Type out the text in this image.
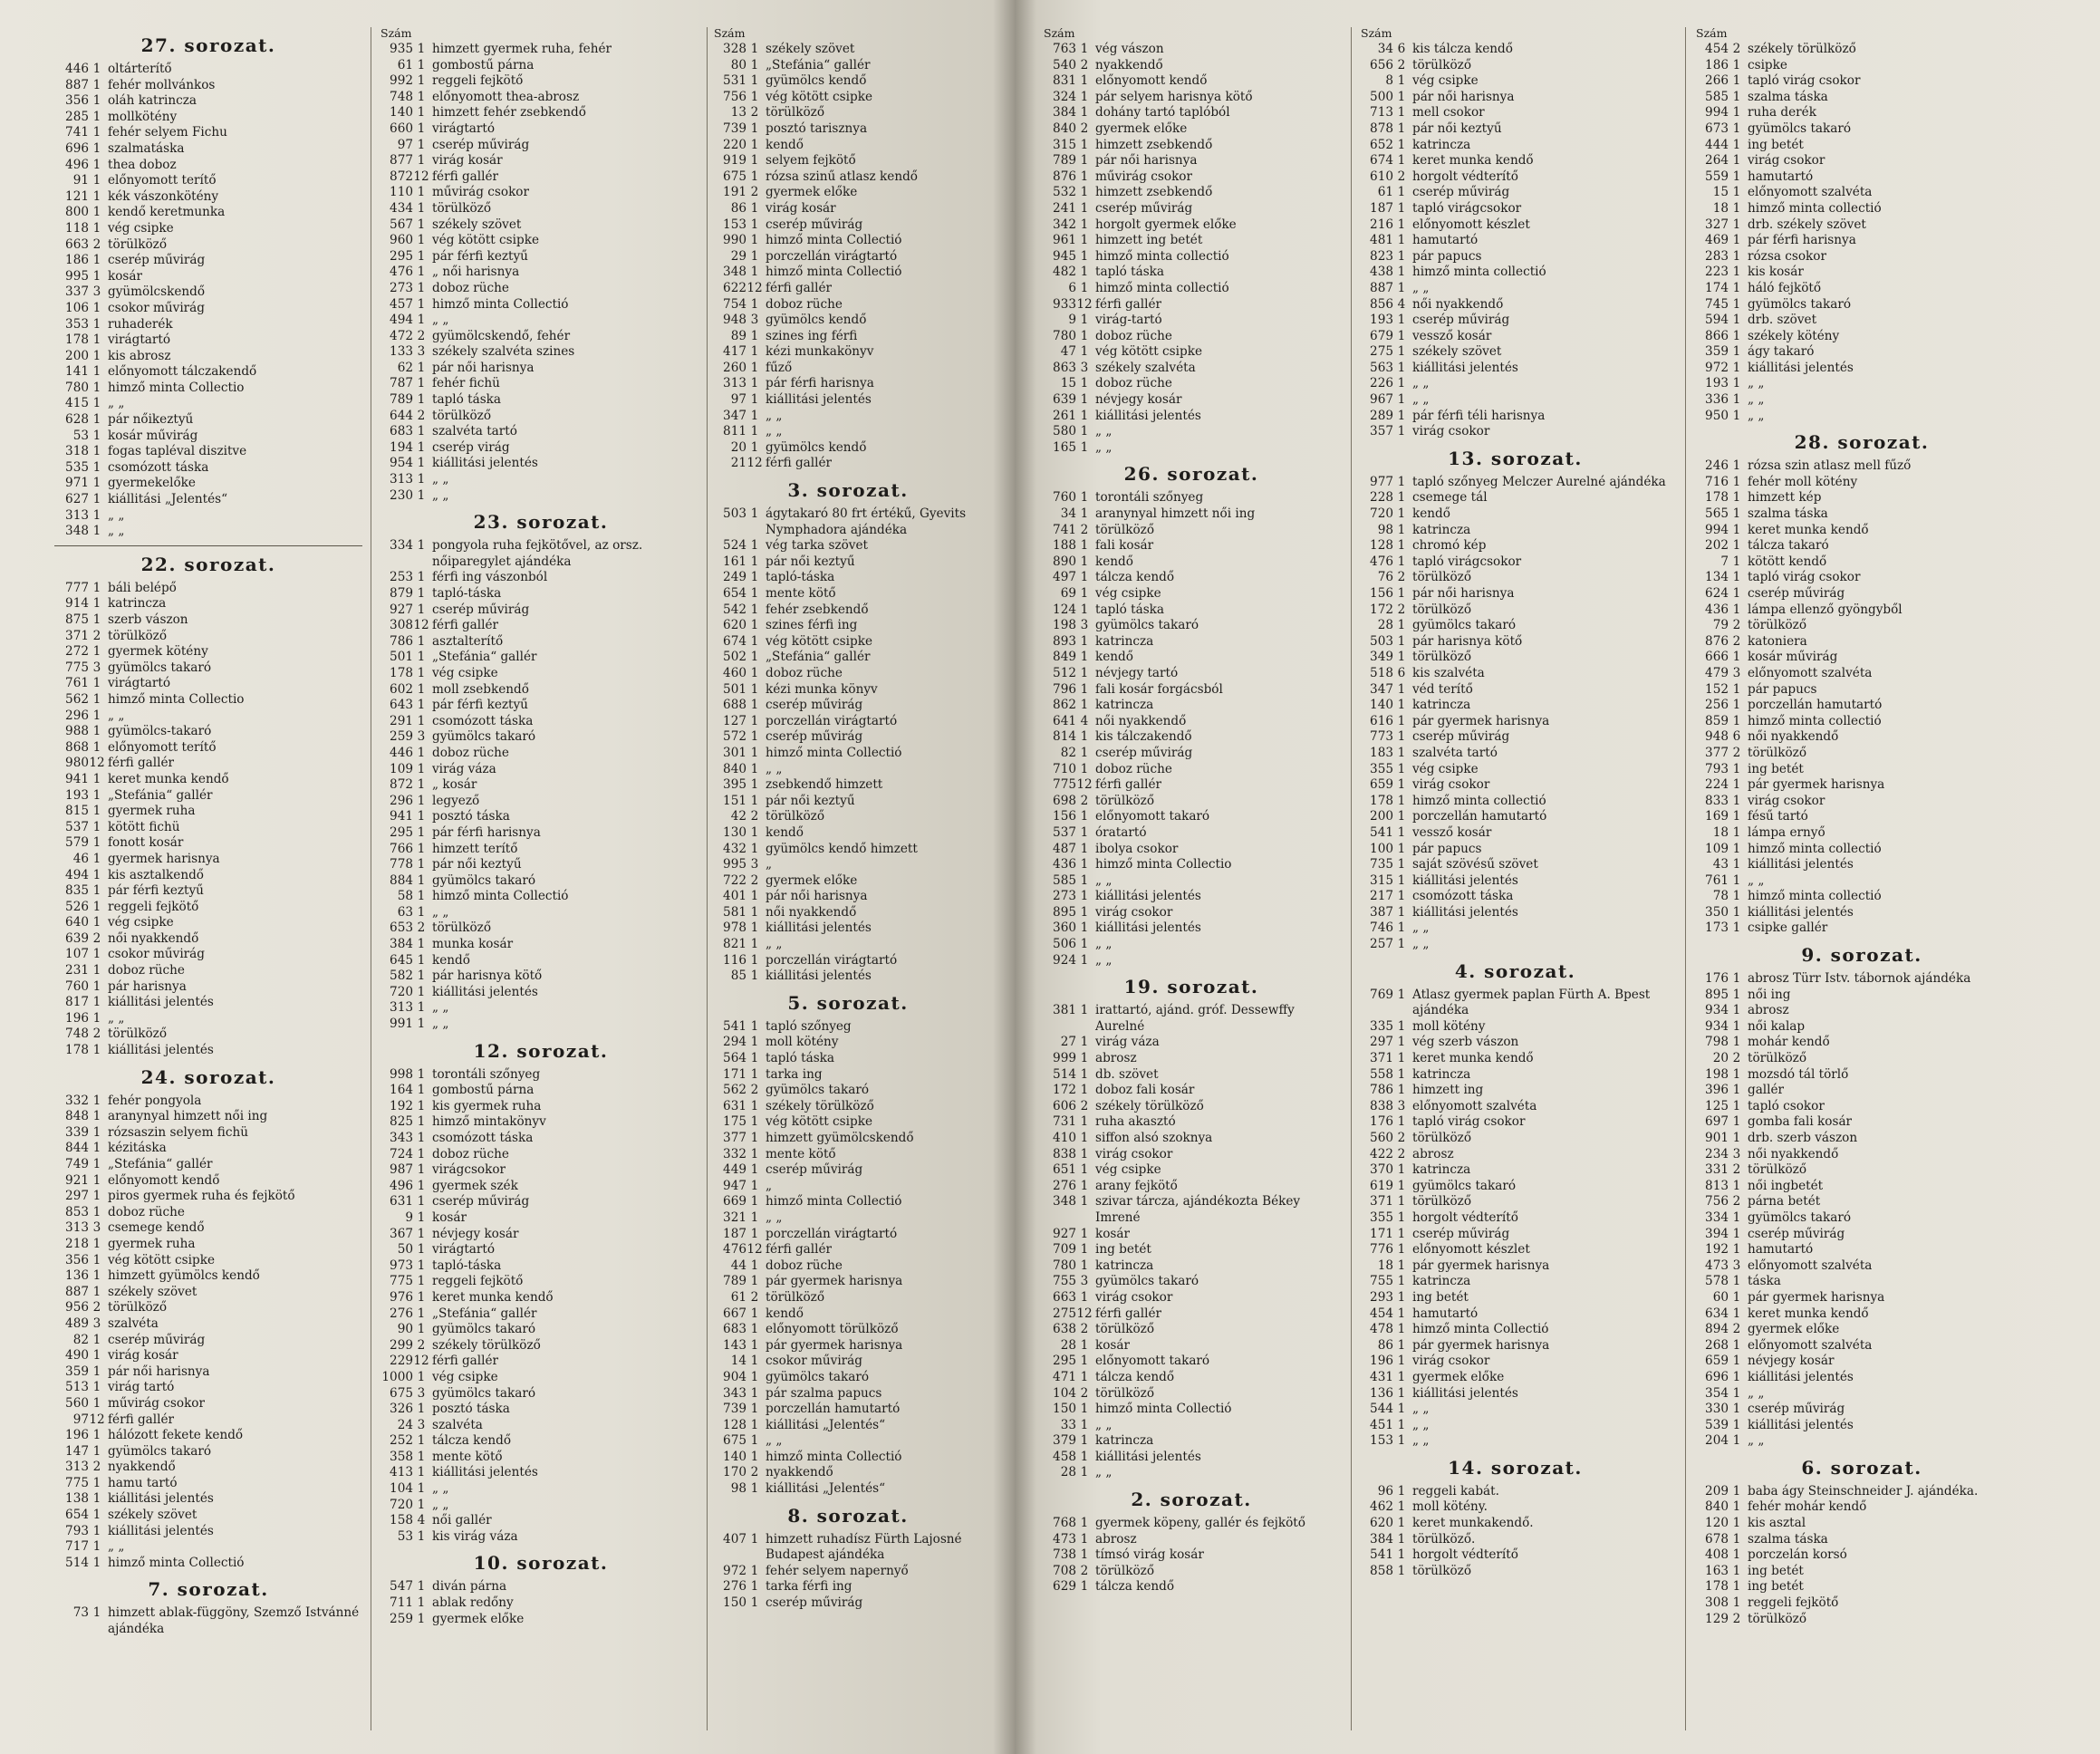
27. sorozat.
446 1 oltárterítő
887 1 fehér mollvánkos
356 1 oláh katrincza
285 1 mollkötény
741 1 fehér selyem Fichu
696 1 szalmatáska
496 1 thea doboz
91 1 előnyomott terítő
121 1 kék vászonkötény
800 1 kendő keretmunka
118 1 vég csipke
663 2 törülköző
186 1 cserép művirág
995 1 kosár
337 3 gyümölcskendő
106 1 csokor művirág
353 1 ruhaderék
178 1 virágtartó
200 1 kis abrosz
141 1 előnyomott tálczakendő
780 1 himző minta Collectio
415 1 „ „
628 1 pár nőikeztyű
53 1 kosár művirág
318 1 fogas tapléval diszitve
535 1 csomózott táska
971 1 gyermekelőke
627 1 kiállitási „Jelentés“
313 1 „ „
348 1 „ „
22. sorozat.
777 1 báli belépő
914 1 katrincza
875 1 szerb vászon
371 2 törülköző
272 1 gyermek kötény
775 3 gyümölcs takaró
761 1 virágtartó
562 1 himző minta Collectio
296 1 „ „
988 1 gyümölcs-takaró
868 1 előnyomott terítő
980 12 férfi gallér
941 1 keret munka kendő
193 1 „Stefánia“ gallér
815 1 gyermek ruha
537 1 kötött fichü
579 1 fonott kosár
46 1 gyermek harisnya
494 1 kis asztalkendő
835 1 pár férfi keztyű
526 1 reggeli fejkötő
640 1 vég csipke
639 2 női nyakkendő
107 1 csokor művirág
231 1 doboz rüche
760 1 pár harisnya
817 1 kiállitási jelentés
196 1 „ „
748 2 törülköző
178 1 kiállitási jelentés
24. sorozat.
332 1 fehér pongyola
848 1 aranynyal himzett női ing
339 1 rózsaszin selyem fichü
844 1 kézitáska
749 1 „Stefánia“ gallér
921 1 előnyomott kendő
297 1 piros gyermek ruha és fejkötő
853 1 doboz rüche
313 3 csemege kendő
218 1 gyermek ruha
356 1 vég kötött csipke
136 1 himzett gyümölcs kendő
887 1 székely szövet
956 2 törülköző
489 3 szalvéta
82 1 cserép művirág
490 1 virág kosár
359 1 pár női harisnya
513 1 virág tartó
560 1 művirág csokor
97 12 férfi gallér
196 1 hálózott fekete kendő
147 1 gyümölcs takaró
313 2 nyakkendő
775 1 hamu tartó
138 1 kiállitási jelentés
654 1 székely szövet
793 1 kiállitási jelentés
717 1 „ „
514 1 himző minta Collectió
7. sorozat.
73 1 himzett ablak-függöny, Szemző Istvánné ajándéka
Szám
935 1 himzett gyermek ruha, fehér
61 1 gombostű párna
992 1 reggeli fejkötő
748 1 előnyomott thea-abrosz
140 1 himzett fehér zsebkendő
660 1 virágtartó
97 1 cserép művirág
877 1 virág kosár
872 12 férfi gallér
110 1 művirág csokor
434 1 törülköző
567 1 székely szövet
960 1 vég kötött csipke
295 1 pár férfi keztyű
476 1 „ női harisnya
273 1 doboz rüche
457 1 himző minta Collectió
494 1 „ „
472 2 gyümölcskendő, fehér
133 3 székely szalvéta szines
62 1 pár női harisnya
787 1 fehér fichü
789 1 tapló táska
644 2 törülköző
683 1 szalvéta tartó
194 1 cserép virág
954 1 kiállitási jelentés
313 1 „ „
230 1 „ „
23. sorozat.
334 1 pongyola ruha fejkötővel, az orsz. nőiparegylet ajándéka
253 1 férfi ing vászonból
879 1 tapló-táska
927 1 cserép művirág
308 12 férfi gallér
786 1 asztalterítő
501 1 „Stefánia“ gallér
178 1 vég csipke
602 1 moll zsebkendő
643 1 pár férfi keztyű
291 1 csomózott táska
259 3 gyümölcs takaró
446 1 doboz rüche
109 1 virág váza
872 1 „ kosár
296 1 legyező
941 1 posztó táska
295 1 pár férfi harisnya
766 1 himzett terítő
778 1 pár női keztyű
884 1 gyümölcs takaró
58 1 himző minta Collectió
63 1 „ „
653 2 törülköző
384 1 munka kosár
645 1 kendő
582 1 pár harisnya kötő
720 1 kiállitási jelentés
313 1 „ „
991 1 „ „
12. sorozat.
998 1 torontáli szőnyeg
164 1 gombostű párna
192 1 kis gyermek ruha
825 1 himző mintakönyv
343 1 csomózott táska
724 1 doboz rüche
987 1 virágcsokor
496 1 gyermek szék
631 1 cserép művirág
9 1 kosár
367 1 névjegy kosár
50 1 virágtartó
973 1 tapló-táska
775 1 reggeli fejkötő
976 1 keret munka kendő
276 1 „Stefánia“ gallér
90 1 gyümölcs takaró
299 2 székely törülköző
229 12 férfi gallér
1000 1 vég csipke
675 3 gyümölcs takaró
326 1 posztó táska
24 3 szalvéta
252 1 tálcza kendő
358 1 mente kötő
413 1 kiállitási jelentés
104 1 „ „
720 1 „ „
158 4 női gallér
53 1 kis virág váza
10. sorozat.
547 1 diván párna
711 1 ablak redőny
259 1 gyermek előke
Szám
328 1 székely szövet
80 1 „Stefánia“ gallér
531 1 gyümölcs kendő
756 1 vég kötött csipke
13 2 törülköző
739 1 posztó tarisznya
220 1 kendő
919 1 selyem fejkötő
675 1 rózsa szinű atlasz kendő
191 2 gyermek előke
86 1 virág kosár
153 1 cserép művirág
990 1 himző minta Collectió
29 1 porczellán virágtartó
348 1 himző minta Collectió
622 12 férfi gallér
754 1 doboz rüche
948 3 gyümölcs kendő
89 1 szines ing férfi
417 1 kézi munkakönyv
260 1 fűző
313 1 pár férfi harisnya
97 1 kiállitási jelentés
347 1 „ „
811 1 „ „
20 1 gyümölcs kendő
21 12 férfi gallér
3. sorozat.
503 1 ágytakaró 80 frt értékű, Gyevits Nymphadora ajándéka
524 1 vég tarka szövet
161 1 pár női keztyű
249 1 tapló-táska
654 1 mente kötő
542 1 fehér zsebkendő
620 1 szines férfi ing
674 1 vég kötött csipke
502 1 „Stefánia“ gallér
460 1 doboz rüche
501 1 kézi munka könyv
688 1 cserép művirág
127 1 porczellán virágtartó
572 1 cserép művirág
301 1 himző minta Collectió
840 1 „ „
395 1 zsebkendő himzett
151 1 pár női keztyű
42 2 törülköző
130 1 kendő
432 1 gyümölcs kendő himzett
995 3 „
722 2 gyermek előke
401 1 pár női harisnya
581 1 női nyakkendő
978 1 kiállitási jelentés
821 1 „ „
116 1 porczellán virágtartó
85 1 kiállitási jelentés
5. sorozat.
541 1 tapló szőnyeg
294 1 moll kötény
564 1 tapló táska
171 1 tarka ing
562 2 gyümölcs takaró
631 1 székely törülköző
175 1 vég kötött csipke
377 1 himzett gyümölcskendő
332 1 mente kötő
449 1 cserép művirág
947 1 „
669 1 himző minta Collectió
321 1 „ „
187 1 porczellán virágtartó
476 12 férfi gallér
44 1 doboz rüche
789 1 pár gyermek harisnya
61 2 törülköző
667 1 kendő
683 1 előnyomott törülköző
143 1 pár gyermek harisnya
14 1 csokor művirág
904 1 gyümölcs takaró
343 1 pár szalma papucs
739 1 porczellán hamutartó
128 1 kiállitási „Jelentés“
675 1 „ „
140 1 himző minta Collectió
170 2 nyakkendő
98 1 kiállitási „Jelentés“
8. sorozat.
407 1 himzett ruhadísz Fürth Lajosné Budapest ajándéka
972 1 fehér selyem napernyő
276 1 tarka férfi ing
150 1 cserép művirág
Szám
763 1 vég vászon
540 2 nyakkendő
831 1 előnyomott kendő
324 1 pár selyem harisnya kötő
384 1 dohány tartó taplóból
840 2 gyermek előke
315 1 himzett zsebkendő
789 1 pár női harisnya
876 1 művirág csokor
532 1 himzett zsebkendő
241 1 cserép művirág
342 1 horgolt gyermek előke
961 1 himzett ing betét
945 1 himző minta collectió
482 1 tapló táska
6 1 himző minta collectió
933 12 férfi gallér
9 1 virág-tartó
780 1 doboz rüche
47 1 vég kötött csipke
863 3 székely szalvéta
15 1 doboz rüche
639 1 névjegy kosár
261 1 kiállitási jelentés
580 1 „ „
165 1 „ „
26. sorozat.
760 1 torontáli szőnyeg
34 1 aranynyal himzett női ing
741 2 törülköző
188 1 fali kosár
890 1 kendő
497 1 tálcza kendő
69 1 vég csipke
124 1 tapló táska
198 3 gyümölcs takaró
893 1 katrincza
849 1 kendő
512 1 névjegy tartó
796 1 fali kosár forgácsból
862 1 katrincza
641 4 női nyakkendő
814 1 kis tálczakendő
82 1 cserép művirág
710 1 doboz rüche
775 12 férfi gallér
698 2 törülköző
156 1 előnyomott takaró
537 1 óratartó
487 1 ibolya csokor
436 1 himző minta Collectio
585 1 „ „
273 1 kiállitási jelentés
895 1 virág csokor
360 1 kiállitási jelentés
506 1 „ „
924 1 „ „
19. sorozat.
381 1 irattartó, ajánd. gróf. Dessewffy Aurelné
27 1 virág váza
999 1 abrosz
514 1 db. szövet
172 1 doboz fali kosár
606 2 székely törülköző
731 1 ruha akasztó
410 1 siffon alsó szoknya
838 1 virág csokor
651 1 vég csipke
276 1 arany fejkötő
348 1 szivar tárcza, ajándékozta Békey Imrené
927 1 kosár
709 1 ing betét
780 1 katrincza
755 3 gyümölcs takaró
663 1 virág csokor
275 12 férfi gallér
638 2 törülköző
28 1 kosár
295 1 előnyomott takaró
471 1 tálcza kendő
104 2 törülköző
150 1 himző minta Collectió
33 1 „ „
379 1 katrincza
458 1 kiállitási jelentés
28 1 „ „
2. sorozat.
768 1 gyermek köpeny, gallér és fejkötő
473 1 abrosz
738 1 tímsó virág kosár
708 2 törülköző
629 1 tálcza kendő
Szám
34 6 kis tálcza kendő
656 2 törülköző
8 1 vég csipke
500 1 pár női harisnya
713 1 mell csokor
878 1 pár női keztyű
652 1 katrincza
674 1 keret munka kendő
610 2 horgolt védterítő
61 1 cserép művirág
187 1 tapló virágcsokor
216 1 előnyomott készlet
481 1 hamutartó
823 1 pár papucs
438 1 himző minta collectió
887 1 „ „
856 4 női nyakkendő
193 1 cserép művirág
679 1 vessző kosár
275 1 székely szövet
563 1 kiállitási jelentés
226 1 „ „
967 1 „ „
289 1 pár férfi téli harisnya
357 1 virág csokor
13. sorozat.
977 1 tapló szőnyeg Melczer Aurelné ajándéka
228 1 csemege tál
720 1 kendő
98 1 katrincza
128 1 chromó kép
476 1 tapló virágcsokor
76 2 törülköző
156 1 pár női harisnya
172 2 törülköző
28 1 gyümölcs takaró
503 1 pár harisnya kötő
349 1 törülköző
518 6 kis szalvéta
347 1 véd terítő
140 1 katrincza
616 1 pár gyermek harisnya
773 1 cserép művirág
183 1 szalvéta tartó
355 1 vég csipke
659 1 virág csokor
178 1 himző minta collectió
200 1 porczellán hamutartó
541 1 vessző kosár
100 1 pár papucs
735 1 saját szövésű szövet
315 1 kiállitási jelentés
217 1 csomózott táska
387 1 kiállitási jelentés
746 1 „ „
257 1 „ „
4. sorozat.
769 1 Atlasz gyermek paplan Fürth A. Bpest ajándéka
335 1 moll kötény
297 1 vég szerb vászon
371 1 keret munka kendő
558 1 katrincza
786 1 himzett ing
838 3 előnyomott szalvéta
176 1 tapló virág csokor
560 2 törülköző
422 2 abrosz
370 1 katrincza
619 1 gyümölcs takaró
371 1 törülköző
355 1 horgolt védterítő
171 1 cserép művirág
776 1 előnyomott készlet
18 1 pár gyermek harisnya
755 1 katrincza
293 1 ing betét
454 1 hamutartó
478 1 himző minta Collectió
86 1 pár gyermek harisnya
196 1 virág csokor
431 1 gyermek előke
136 1 kiállitási jelentés
544 1 „ „
451 1 „ „
153 1 „ „
14. sorozat.
96 1 reggeli kabát.
462 1 moll kötény.
620 1 keret munkakendő.
384 1 törülköző.
541 1 horgolt védterítő
858 1 törülköző
Szám
454 2 székely törülköző
186 1 csipke
266 1 tapló virág csokor
585 1 szalma táska
994 1 ruha derék
673 1 gyümölcs takaró
444 1 ing betét
264 1 virág csokor
559 1 hamutartó
15 1 előnyomott szalvéta
18 1 himző minta collectió
327 1 drb. székely szövet
469 1 pár férfi harisnya
283 1 rózsa csokor
223 1 kis kosár
174 1 háló fejkötő
745 1 gyümölcs takaró
594 1 drb. szövet
866 1 székely kötény
359 1 ágy takaró
972 1 kiállitási jelentés
193 1 „ „
336 1 „ „
950 1 „ „
28. sorozat.
246 1 rózsa szin atlasz mell fűző
716 1 fehér moll kötény
178 1 himzett kép
565 1 szalma táska
994 1 keret munka kendő
202 1 tálcza takaró
7 1 kötött kendő
134 1 tapló virág csokor
624 1 cserép művirág
436 1 lámpa ellenző gyöngyből
79 2 törülköző
876 2 katoniera
666 1 kosár művirág
479 3 előnyomott szalvéta
152 1 pár papucs
256 1 porczellán hamutartó
859 1 himző minta collectió
948 6 női nyakkendő
377 2 törülköző
793 1 ing betét
224 1 pár gyermek harisnya
833 1 virág csokor
169 1 fésű tartó
18 1 lámpa ernyő
109 1 himző minta collectió
43 1 kiállitási jelentés
761 1 „ „
78 1 himző minta collectió
350 1 kiállitási jelentés
173 1 csipke gallér
9. sorozat.
176 1 abrosz Türr Istv. tábornok ajándéka
895 1 női ing
934 1 abrosz
934 1 női kalap
798 1 mohár kendő
20 2 törülköző
198 1 mozsdó tál törlő
396 1 gallér
125 1 tapló csokor
697 1 gomba fali kosár
901 1 drb. szerb vászon
234 3 női nyakkendő
331 2 törülköző
813 1 női ingbetét
756 2 párna betét
334 1 gyümölcs takaró
394 1 cserép művirág
192 1 hamutartó
473 3 előnyomott szalvéta
578 1 táska
60 1 pár gyermek harisnya
634 1 keret munka kendő
894 2 gyermek előke
268 1 előnyomott szalvéta
659 1 névjegy kosár
696 1 kiállitási jelentés
354 1 „ „
330 1 cserép művirág
539 1 kiállitási jelentés
204 1 „ „
6. sorozat.
209 1 baba ágy Steinschneider J. ajándéka.
840 1 fehér mohár kendő
120 1 kis asztal
678 1 szalma táska
408 1 porczelán korsó
163 1 ing betét
178 1 ing betét
308 1 reggeli fejkötő
129 2 törülköző
